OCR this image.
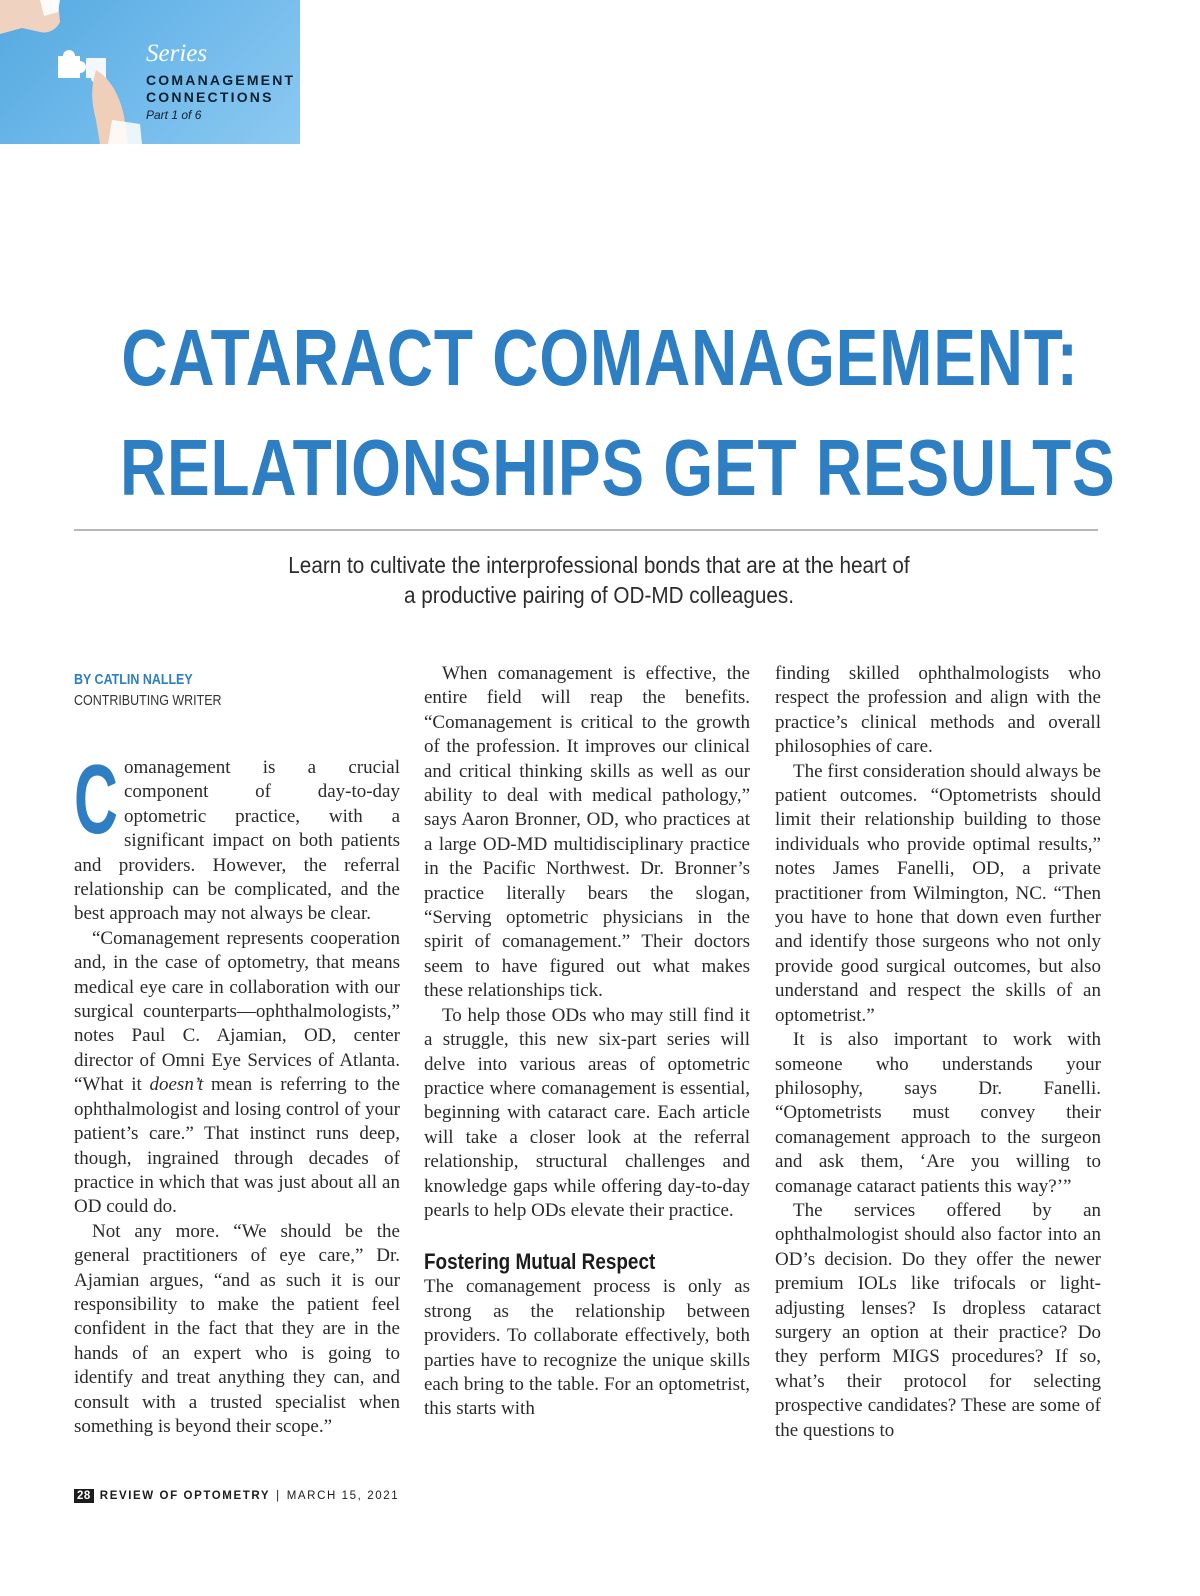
Series
COMANAGEMENT
CONNECTIONS
Part 1 of 6
CATARACT COMANAGEMENT:
RELATIONSHIPS GET RESULTS
Learn to cultivate the interprofessional bonds that are at the heart of
a productive pairing of OD-MD colleagues.
BY CATLIN NALLEY
CONTRIBUTING WRITER

Comanagement is a crucial component of day-to-day optometric practice, with a significant impact on both patients and providers. However, the referral relationship can be complicated, and the best approach may not always be clear.

“Comanagement represents cooperation and, in the case of optometry, that means medical eye care in collaboration with our surgical counterparts—ophthalmologists,” notes Paul C. Ajamian, OD, center director of Omni Eye Services of Atlanta. “What it doesn’t mean is referring to the ophthalmologist and losing control of your patient’s care.” That instinct runs deep, though, ingrained through decades of practice in which that was just about all an OD could do.

Not any more. “We should be the general practitioners of eye care,” Dr. Ajamian argues, “and as such it is our responsibility to make the patient feel confident in the fact that they are in the hands of an expert who is going to identify and treat anything they can, and consult with a trusted specialist when something is beyond their scope.”

When comanagement is effective, the entire field will reap the benefits. “Comanagement is critical to the growth of the profession. It improves our clinical and critical thinking skills as well as our ability to deal with medical pathology,” says Aaron Bronner, OD, who practices at a large OD-MD multidisciplinary practice in the Pacific Northwest. Dr. Bronner’s practice literally bears the slogan, “Serving optometric physicians in the spirit of comanagement.” Their doctors seem to have figured out what makes these relationships tick.

To help those ODs who may still find it a struggle, this new six-part series will delve into various areas of optometric practice where comanagement is essential, beginning with cataract care. Each article will take a closer look at the referral relationship, structural challenges and knowledge gaps while offering day-to-day pearls to help ODs elevate their practice.

Fostering Mutual Respect

The comanagement process is only as strong as the relationship between providers. To collaborate effectively, both parties have to recognize the unique skills each bring to the table. For an optometrist, this starts with

finding skilled ophthalmologists who respect the profession and align with the practice’s clinical methods and overall philosophies of care.

The first consideration should always be patient outcomes. “Optometrists should limit their relationship building to those individuals who provide optimal results,” notes James Fanelli, OD, a private practitioner from Wilmington, NC. “Then you have to hone that down even further and identify those surgeons who not only provide good surgical outcomes, but also understand and respect the skills of an optometrist.”

It is also important to work with someone who understands your philosophy, says Dr. Fanelli. “Optometrists must convey their comanagement approach to the surgeon and ask them, ‘Are you willing to comanage cataract patients this way?’”

The services offered by an ophthalmologist should also factor into an OD’s decision. Do they offer the newer premium IOLs like trifocals or light-adjusting lenses? Is dropless cataract surgery an option at their practice? Do they perform MIGS procedures? If so, what’s their protocol for selecting prospective candidates? These are some of the questions to

28 REVIEW OF OPTOMETRY | MARCH 15, 2021
